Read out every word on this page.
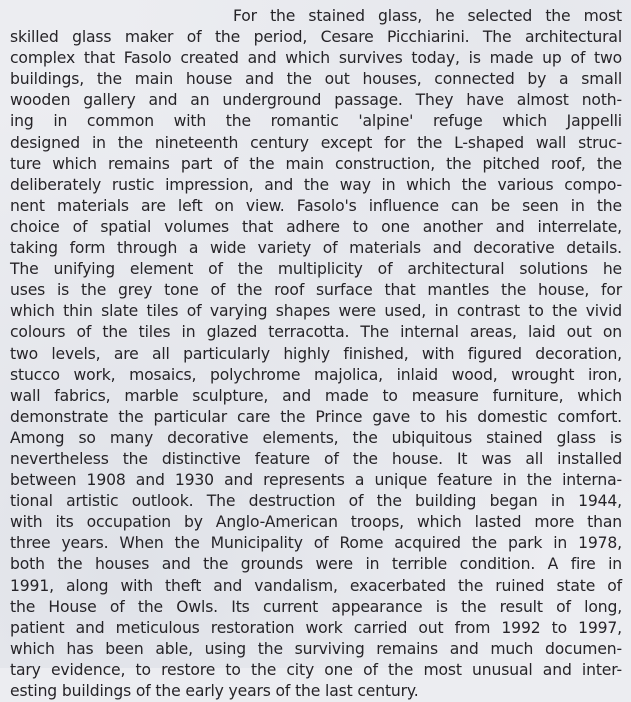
For the stained glass, he selected the most
skilled glass maker of the period, Cesare Picchiarini. The architectural
complex that Fasolo created and which survives today, is made up of two
buildings, the main house and the out houses, connected by a small
wooden gallery and an underground passage. They have almost noth-
ing in common with the romantic 'alpine' refuge which Jappelli
designed in the nineteenth century except for the L-shaped wall struc-
ture which remains part of the main construction, the pitched roof, the
deliberately rustic impression, and the way in which the various compo-
nent materials are left on view. Fasolo's influence can be seen in the
choice of spatial volumes that adhere to one another and interrelate,
taking form through a wide variety of materials and decorative details.
The unifying element of the multiplicity of architectural solutions he
uses is the grey tone of the roof surface that mantles the house, for
which thin slate tiles of varying shapes were used, in contrast to the vivid
colours of the tiles in glazed terracotta. The internal areas, laid out on
two levels, are all particularly highly finished, with figured decoration,
stucco work, mosaics, polychrome majolica, inlaid wood, wrought iron,
wall fabrics, marble sculpture, and made to measure furniture, which
demonstrate the particular care the Prince gave to his domestic comfort.
Among so many decorative elements, the ubiquitous stained glass is
nevertheless the distinctive feature of the house. It was all installed
between 1908 and 1930 and represents a unique feature in the interna-
tional artistic outlook. The destruction of the building began in 1944,
with its occupation by Anglo-American troops, which lasted more than
three years. When the Municipality of Rome acquired the park in 1978,
both the houses and the grounds were in terrible condition. A fire in
1991, along with theft and vandalism, exacerbated the ruined state of
the House of the Owls. Its current appearance is the result of long,
patient and meticulous restoration work carried out from 1992 to 1997,
which has been able, using the surviving remains and much documen-
tary evidence, to restore to the city one of the most unusual and inter-
esting buildings of the early years of the last century.
